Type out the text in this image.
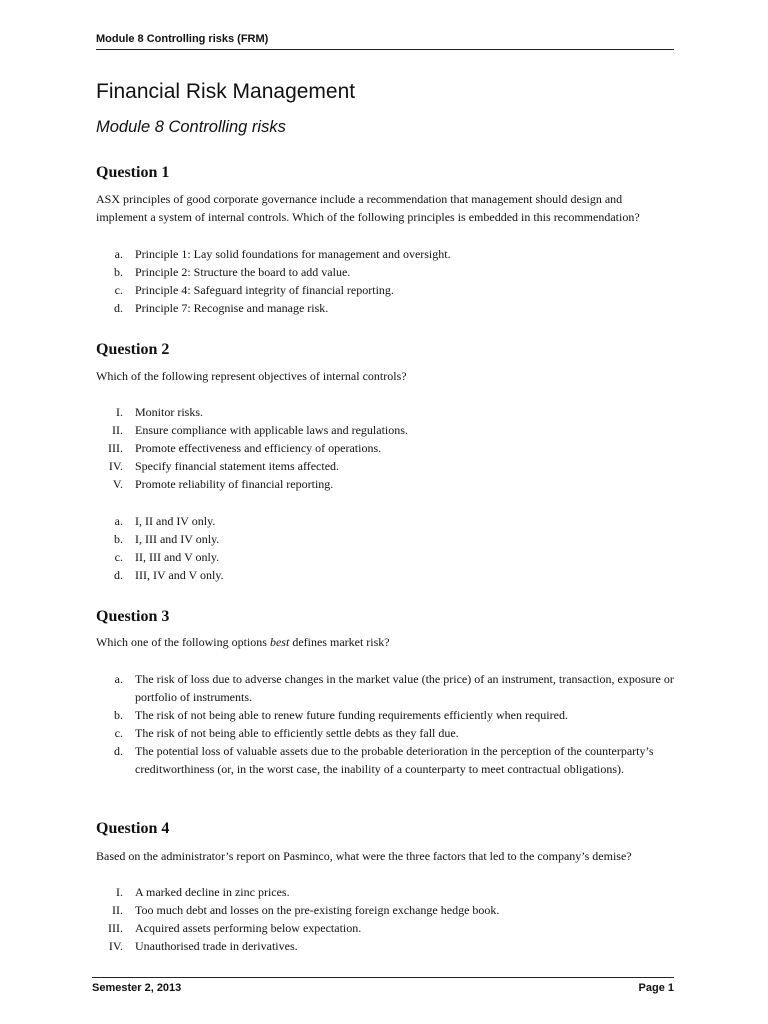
Module 8 Controlling risks (FRM)
Financial Risk Management
Module 8 Controlling risks
Question 1

ASX principles of good corporate governance include a recommendation that management should design and implement a system of internal controls. Which of the following principles is embedded in this recommendation?

a. Principle 1: Lay solid foundations for management and oversight.
b. Principle 2: Structure the board to add value.
c. Principle 4: Safeguard integrity of financial reporting.
d. Principle 7: Recognise and manage risk.
Question 2

Which of the following represent objectives of internal controls?

I. Monitor risks.
II. Ensure compliance with applicable laws and regulations.
III. Promote effectiveness and efficiency of operations.
IV. Specify financial statement items affected.
V. Promote reliability of financial reporting.
a. I, II and IV only.
b. I, III and IV only.
c. II, III and V only.
d. III, IV and V only.
Question 3

Which one of the following options best defines market risk?

a. The risk of loss due to adverse changes in the market value (the price) of an instrument, transaction, exposure or portfolio of instruments.
b. The risk of not being able to renew future funding requirements efficiently when required.
c. The risk of not being able to efficiently settle debts as they fall due.
d. The potential loss of valuable assets due to the probable deterioration in the perception of the counterparty’s creditworthiness (or, in the worst case, the inability of a counterparty to meet contractual obligations).
Question 4

Based on the administrator’s report on Pasminco, what were the three factors that led to the company’s demise?

I. A marked decline in zinc prices.
II. Too much debt and losses on the pre-existing foreign exchange hedge book.
III. Acquired assets performing below expectation.
IV. Unauthorised trade in derivatives.
Semester 2, 2013	Page 1
